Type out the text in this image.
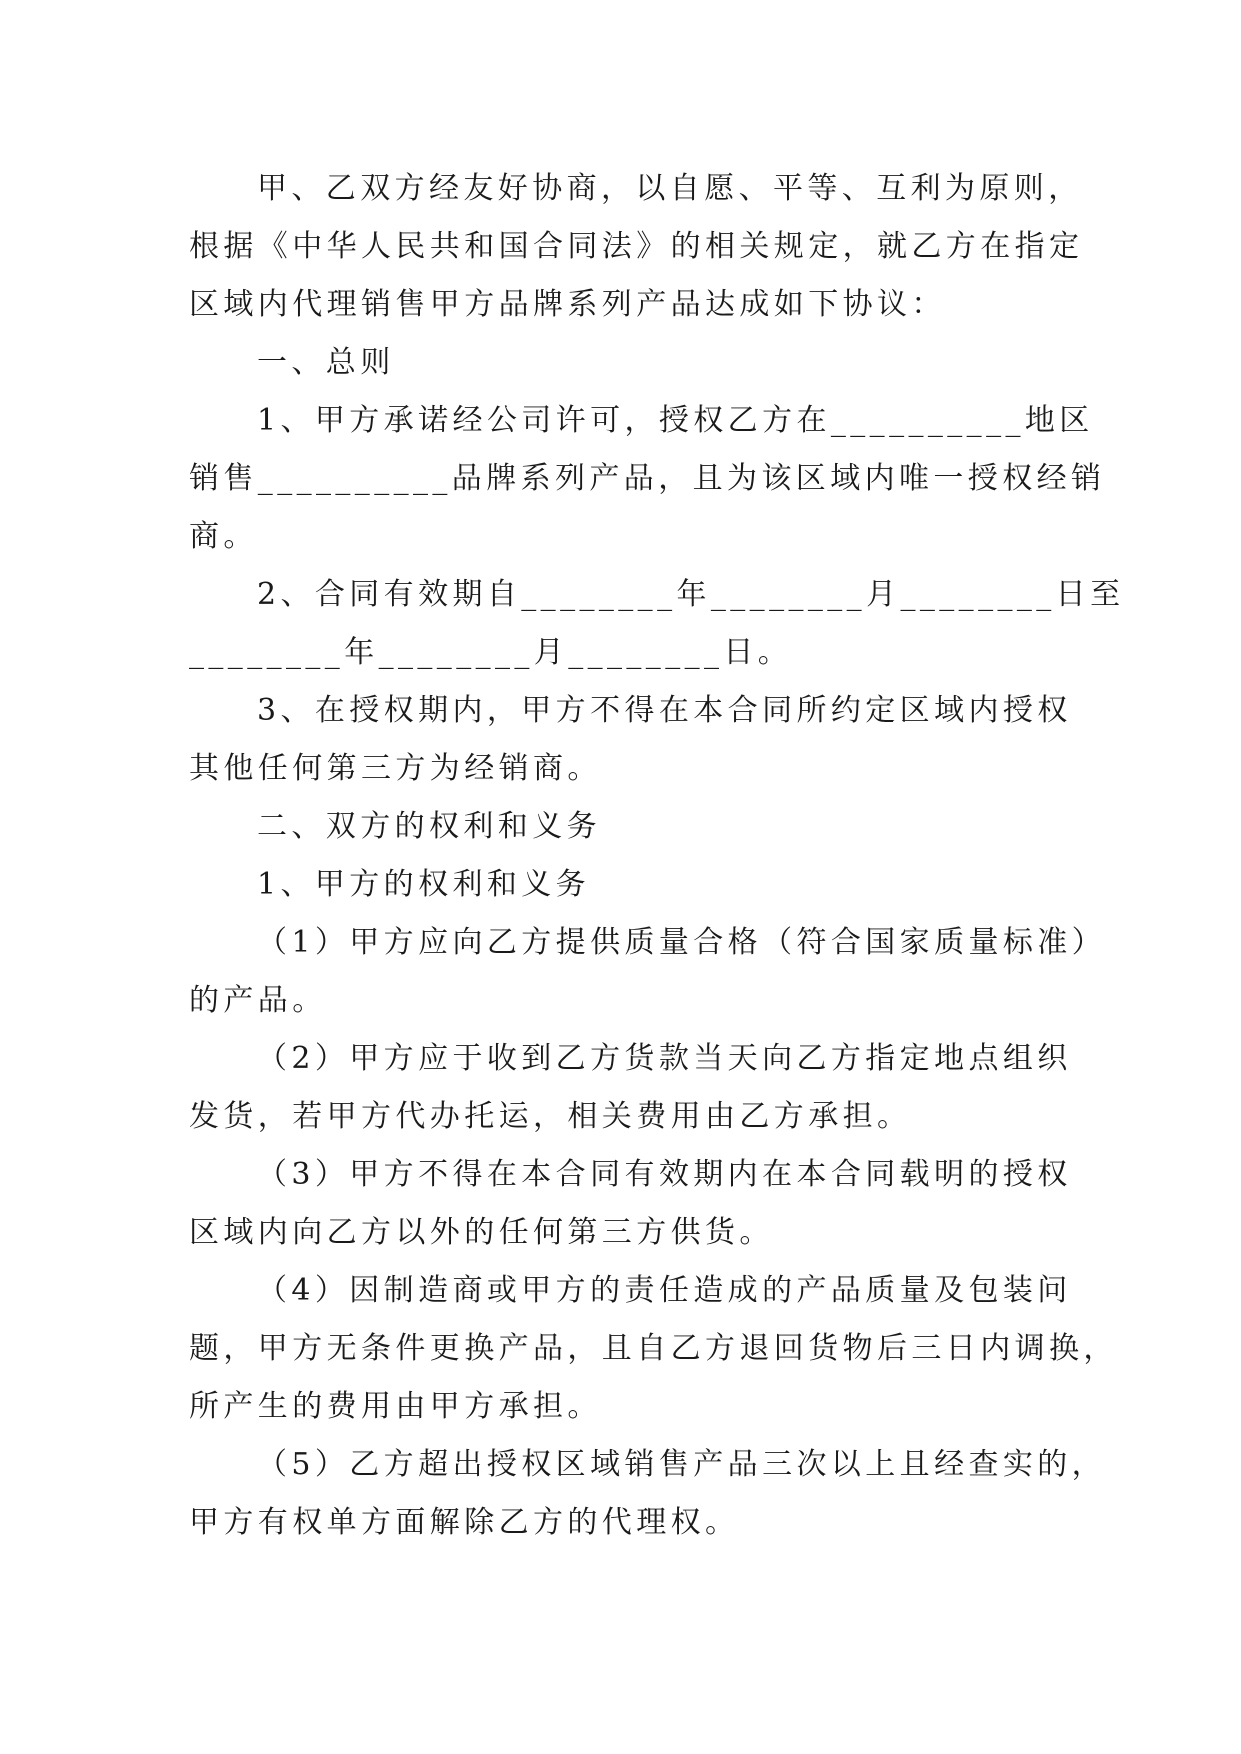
甲、乙双方经友好协商，以自愿、平等、互利为原则，
根据《中华人民共和国合同法》的相关规定，就乙方在指定
区域内代理销售甲方品牌系列产品达成如下协议：
一、总则
1、甲方承诺经公司许可，授权乙方在__________地区
销售__________品牌系列产品，且为该区域内唯一授权经销
商。
2、合同有效期自________年________月________日至
________年________月________日。
3、在授权期内，甲方不得在本合同所约定区域内授权
其他任何第三方为经销商。
二、双方的权利和义务
1、甲方的权利和义务
（1）甲方应向乙方提供质量合格（符合国家质量标准）
的产品。
（2）甲方应于收到乙方货款当天向乙方指定地点组织
发货，若甲方代办托运，相关费用由乙方承担。
（3）甲方不得在本合同有效期内在本合同载明的授权
区域内向乙方以外的任何第三方供货。
（4）因制造商或甲方的责任造成的产品质量及包装问
题，甲方无条件更换产品，且自乙方退回货物后三日内调换，
所产生的费用由甲方承担。
（5）乙方超出授权区域销售产品三次以上且经查实的，
甲方有权单方面解除乙方的代理权。
